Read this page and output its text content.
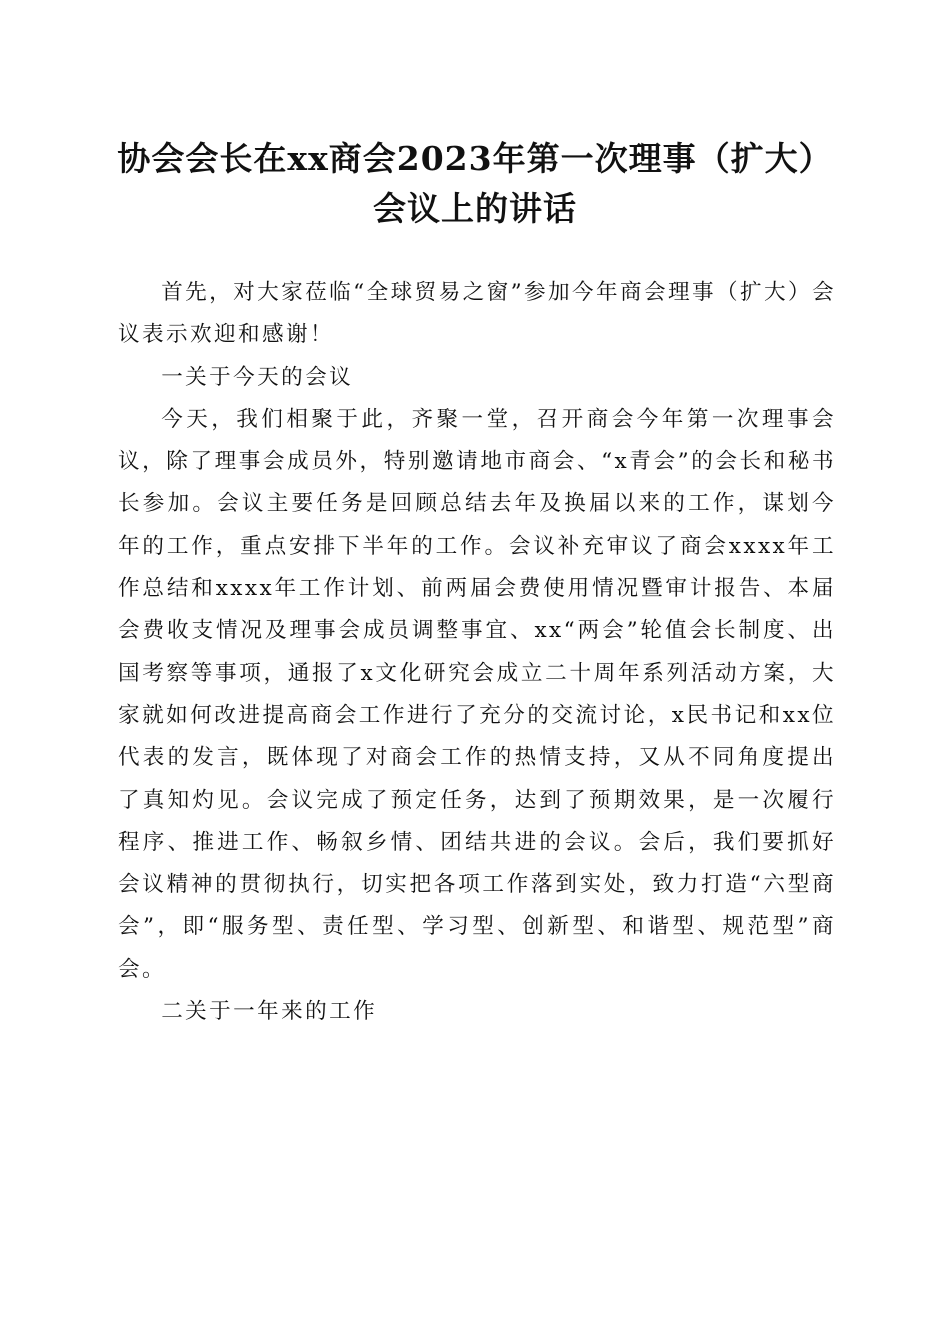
协会会长在xx商会2023年第一次理事（扩大）会议上的讲话

首先，对大家莅临“全球贸易之窗”参加今年商会理事（扩大）会议表示欢迎和感谢！

一关于今天的会议

今天，我们相聚于此，齐聚一堂，召开商会今年第一次理事会议，除了理事会成员外，特别邀请地市商会、“x青会”的会长和秘书长参加。会议主要任务是回顾总结去年及换届以来的工作，谋划今年的工作，重点安排下半年的工作。会议补充审议了商会xxxx年工作总结和xxxx年工作计划、前两届会费使用情况暨审计报告、本届会费收支情况及理事会成员调整事宜、xx“两会”轮值会长制度、出国考察等事项，通报了x文化研究会成立二十周年系列活动方案，大家就如何改进提高商会工作进行了充分的交流讨论，x民书记和xx位代表的发言，既体现了对商会工作的热情支持，又从不同角度提出了真知灼见。会议完成了预定任务，达到了预期效果，是一次履行程序、推进工作、畅叙乡情、团结共进的会议。会后，我们要抓好会议精神的贯彻执行，切实把各项工作落到实处，致力打造“六型商会”，即“服务型、责任型、学习型、创新型、和谐型、规范型”商会。

二关于一年来的工作
